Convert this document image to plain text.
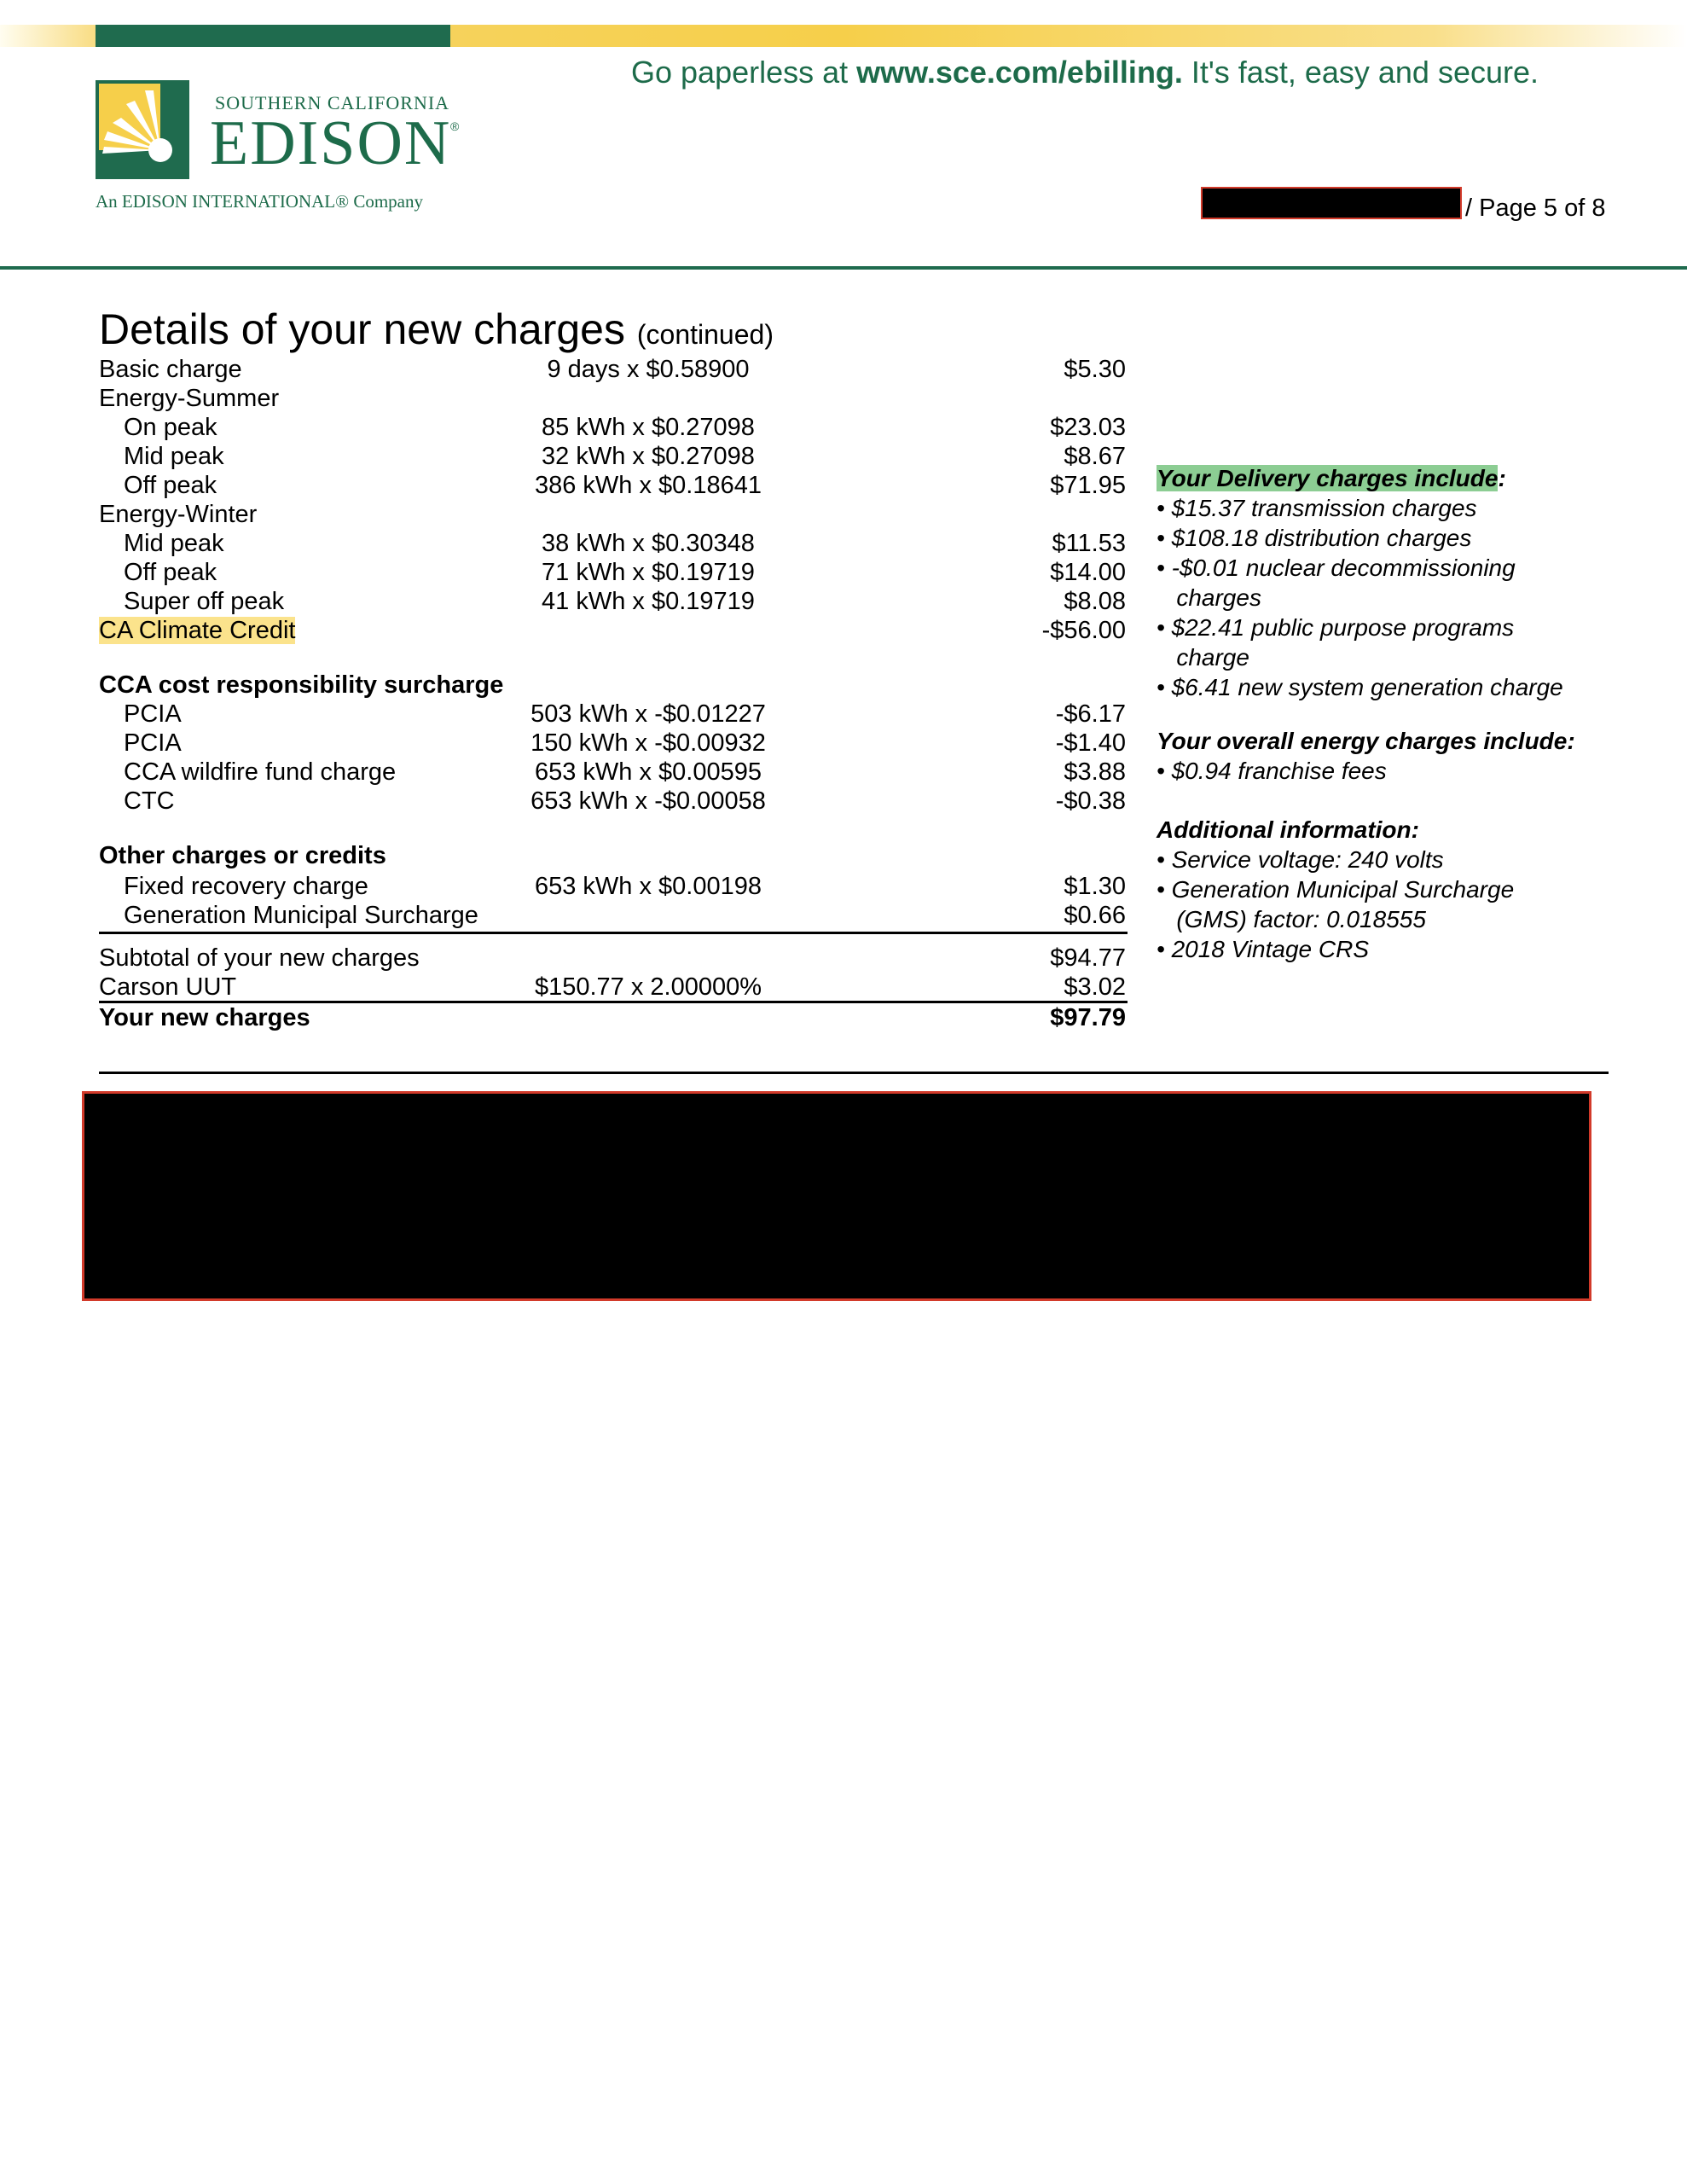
Go paperless at www.sce.com/ebilling. It's fast, easy and secure.
SOUTHERN CALIFORNIA
EDISON
®
An EDISON INTERNATIONAL® Company	/ Page 5 of 8
Details of your new charges (continued)
Basic charge	9 days x $0.58900	$5.30
Energy-Summer
On peak	85 kWh x $0.27098	$23.03
Mid peak	32 kWh x $0.27098	$8.67
Off peak	386 kWh x $0.18641	$71.95
Energy-Winter
Mid peak	38 kWh x $0.30348	$11.53
Off peak	71 kWh x $0.19719	$14.00
Super off peak	41 kWh x $0.19719	$8.08
CA Climate Credit	-$56.00
CCA cost responsibility surcharge
PCIA	503 kWh x -$0.01227	-$6.17
PCIA	150 kWh x -$0.00932	-$1.40
CCA wildfire fund charge	653 kWh x $0.00595	$3.88
CTC	653 kWh x -$0.00058	-$0.38
Other charges or credits
Fixed recovery charge	653 kWh x $0.00198	$1.30
Generation Municipal Surcharge	$0.66
Subtotal of your new charges	$94.77
Carson UUT	$150.77 x 2.00000%	$3.02
Your new charges	$97.79
Your Delivery charges include:
• $15.37 transmission charges
• $108.18 distribution charges
• -$0.01 nuclear decommissioning
charges
• $22.41 public purpose programs
charge
• $6.41 new system generation charge
Your overall energy charges include:
• $0.94 franchise fees
Additional information:
• Service voltage: 240 volts
• Generation Municipal Surcharge
(GMS) factor: 0.018555
• 2018 Vintage CRS
